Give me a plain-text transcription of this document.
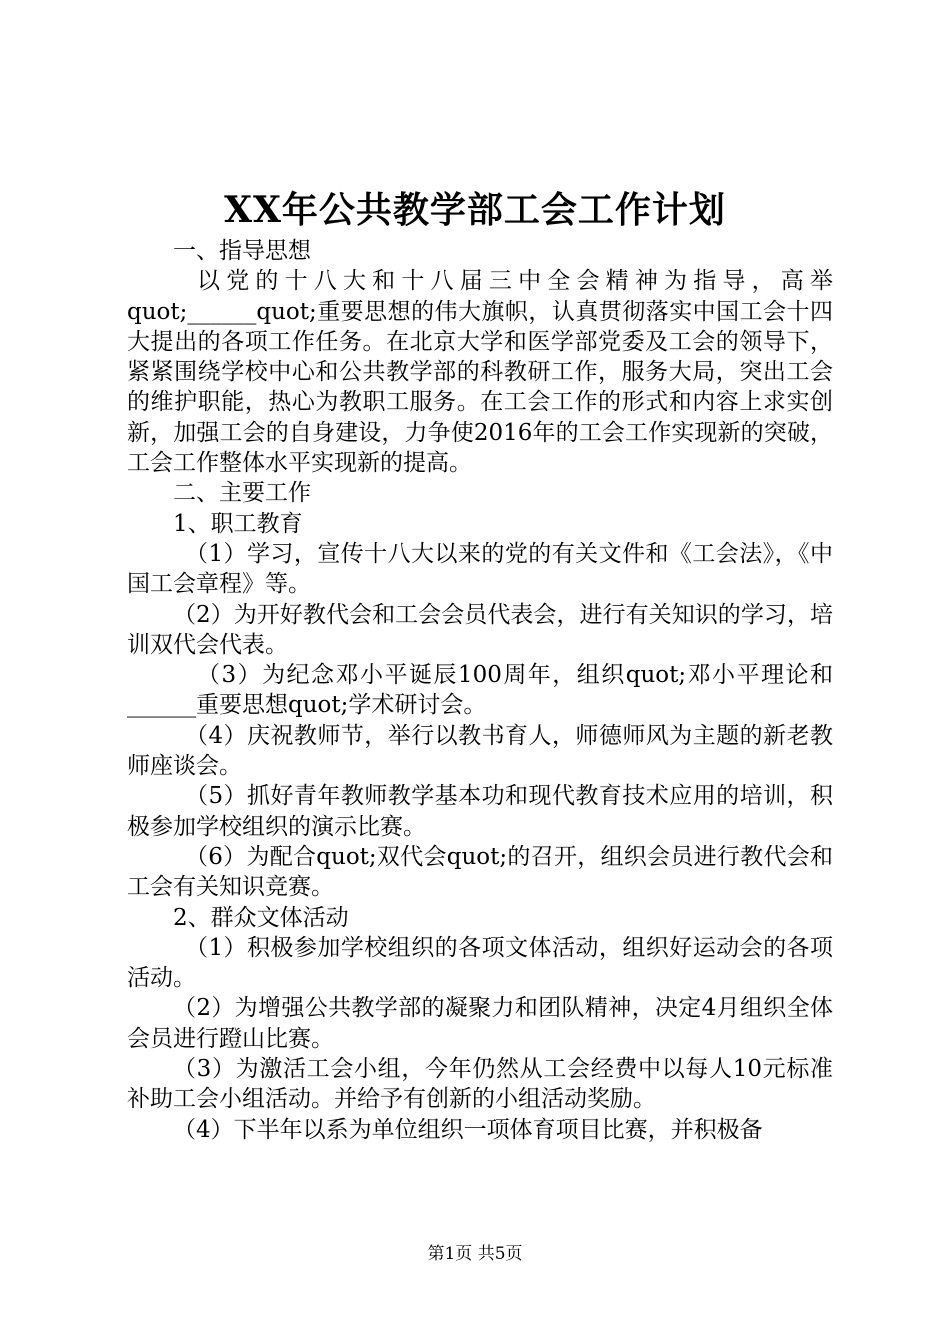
XX年公共教学部工会工作计划

一、指导思想

以党的十八大和十八届三中全会精神为指导，高举quot;______quot;重要思想的伟大旗帜，认真贯彻落实中国工会十四大提出的各项工作任务。在北京大学和医学部党委及工会的领导下，紧紧围绕学校中心和公共教学部的科教研工作，服务大局，突出工会的维护职能，热心为教职工服务。在工会工作的形式和内容上求实创新，加强工会的自身建设，力争使2016年的工会工作实现新的突破，工会工作整体水平实现新的提高。

二、主要工作

1、职工教育

（1）学习，宣传十八大以来的党的有关文件和《工会法》，《中国工会章程》等。

（2）为开好教代会和工会会员代表会，进行有关知识的学习，培训双代会代表。

（3）为纪念邓小平诞辰100周年，组织quot;邓小平理论和______重要思想quot;学术研讨会。

（4）庆祝教师节，举行以教书育人，师德师风为主题的新老教师座谈会。

（5）抓好青年教师教学基本功和现代教育技术应用的培训，积极参加学校组织的演示比赛。

（6）为配合quot;双代会quot;的召开，组织会员进行教代会和工会有关知识竞赛。

2、群众文体活动

（1）积极参加学校组织的各项文体活动，组织好运动会的各项活动。

（2）为增强公共教学部的凝聚力和团队精神，决定4月组织全体会员进行蹬山比赛。

（3）为激活工会小组，今年仍然从工会经费中以每人10元标准补助工会小组活动。并给予有创新的小组活动奖励。

（4）下半年以系为单位组织一项体育项目比赛，并积极备

第1页 共5页
